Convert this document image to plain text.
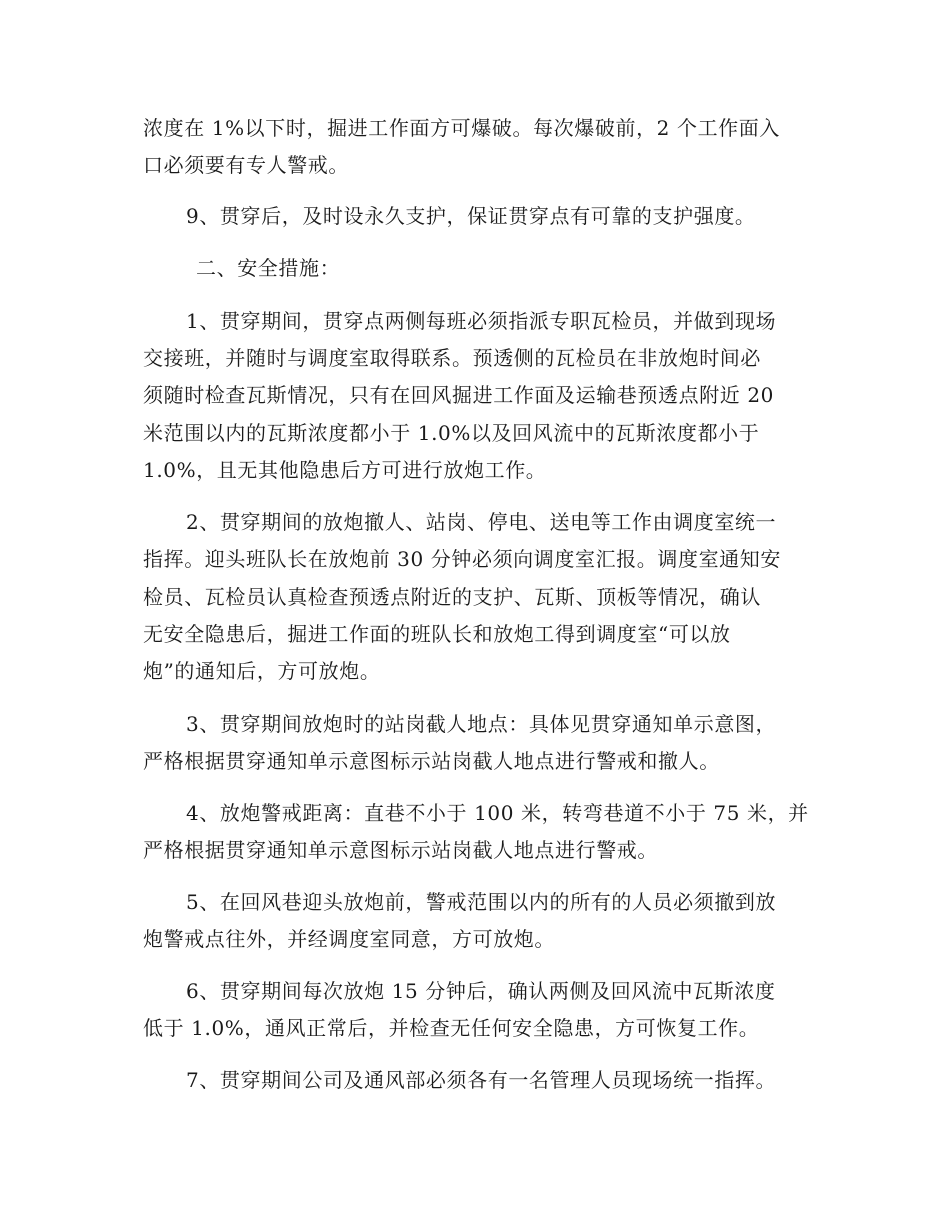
浓度在 1%以下时，掘进工作面方可爆破。每次爆破前，2 个工作面入
口必须要有专人警戒。
9、贯穿后，及时设永久支护，保证贯穿点有可靠的支护强度。
二、安全措施：
1、贯穿期间，贯穿点两侧每班必须指派专职瓦检员，并做到现场
交接班，并随时与调度室取得联系。预透侧的瓦检员在非放炮时间必
须随时检查瓦斯情况，只有在回风掘进工作面及运输巷预透点附近 20
米范围以内的瓦斯浓度都小于 1.0%以及回风流中的瓦斯浓度都小于
1.0%，且无其他隐患后方可进行放炮工作。
2、贯穿期间的放炮撤人、站岗、停电、送电等工作由调度室统一
指挥。迎头班队长在放炮前 30 分钟必须向调度室汇报。调度室通知安
检员、瓦检员认真检查预透点附近的支护、瓦斯、顶板等情况，确认
无安全隐患后，掘进工作面的班队长和放炮工得到调度室“可以放
炮”的通知后，方可放炮。
3、贯穿期间放炮时的站岗截人地点：具体见贯穿通知单示意图，
严格根据贯穿通知单示意图标示站岗截人地点进行警戒和撤人。
4、放炮警戒距离：直巷不小于 100 米，转弯巷道不小于 75 米，并
严格根据贯穿通知单示意图标示站岗截人地点进行警戒。
5、在回风巷迎头放炮前，警戒范围以内的所有的人员必须撤到放
炮警戒点往外，并经调度室同意，方可放炮。
6、贯穿期间每次放炮 15 分钟后，确认两侧及回风流中瓦斯浓度
低于 1.0%，通风正常后，并检查无任何安全隐患，方可恢复工作。
7、贯穿期间公司及通风部必须各有一名管理人员现场统一指挥。
